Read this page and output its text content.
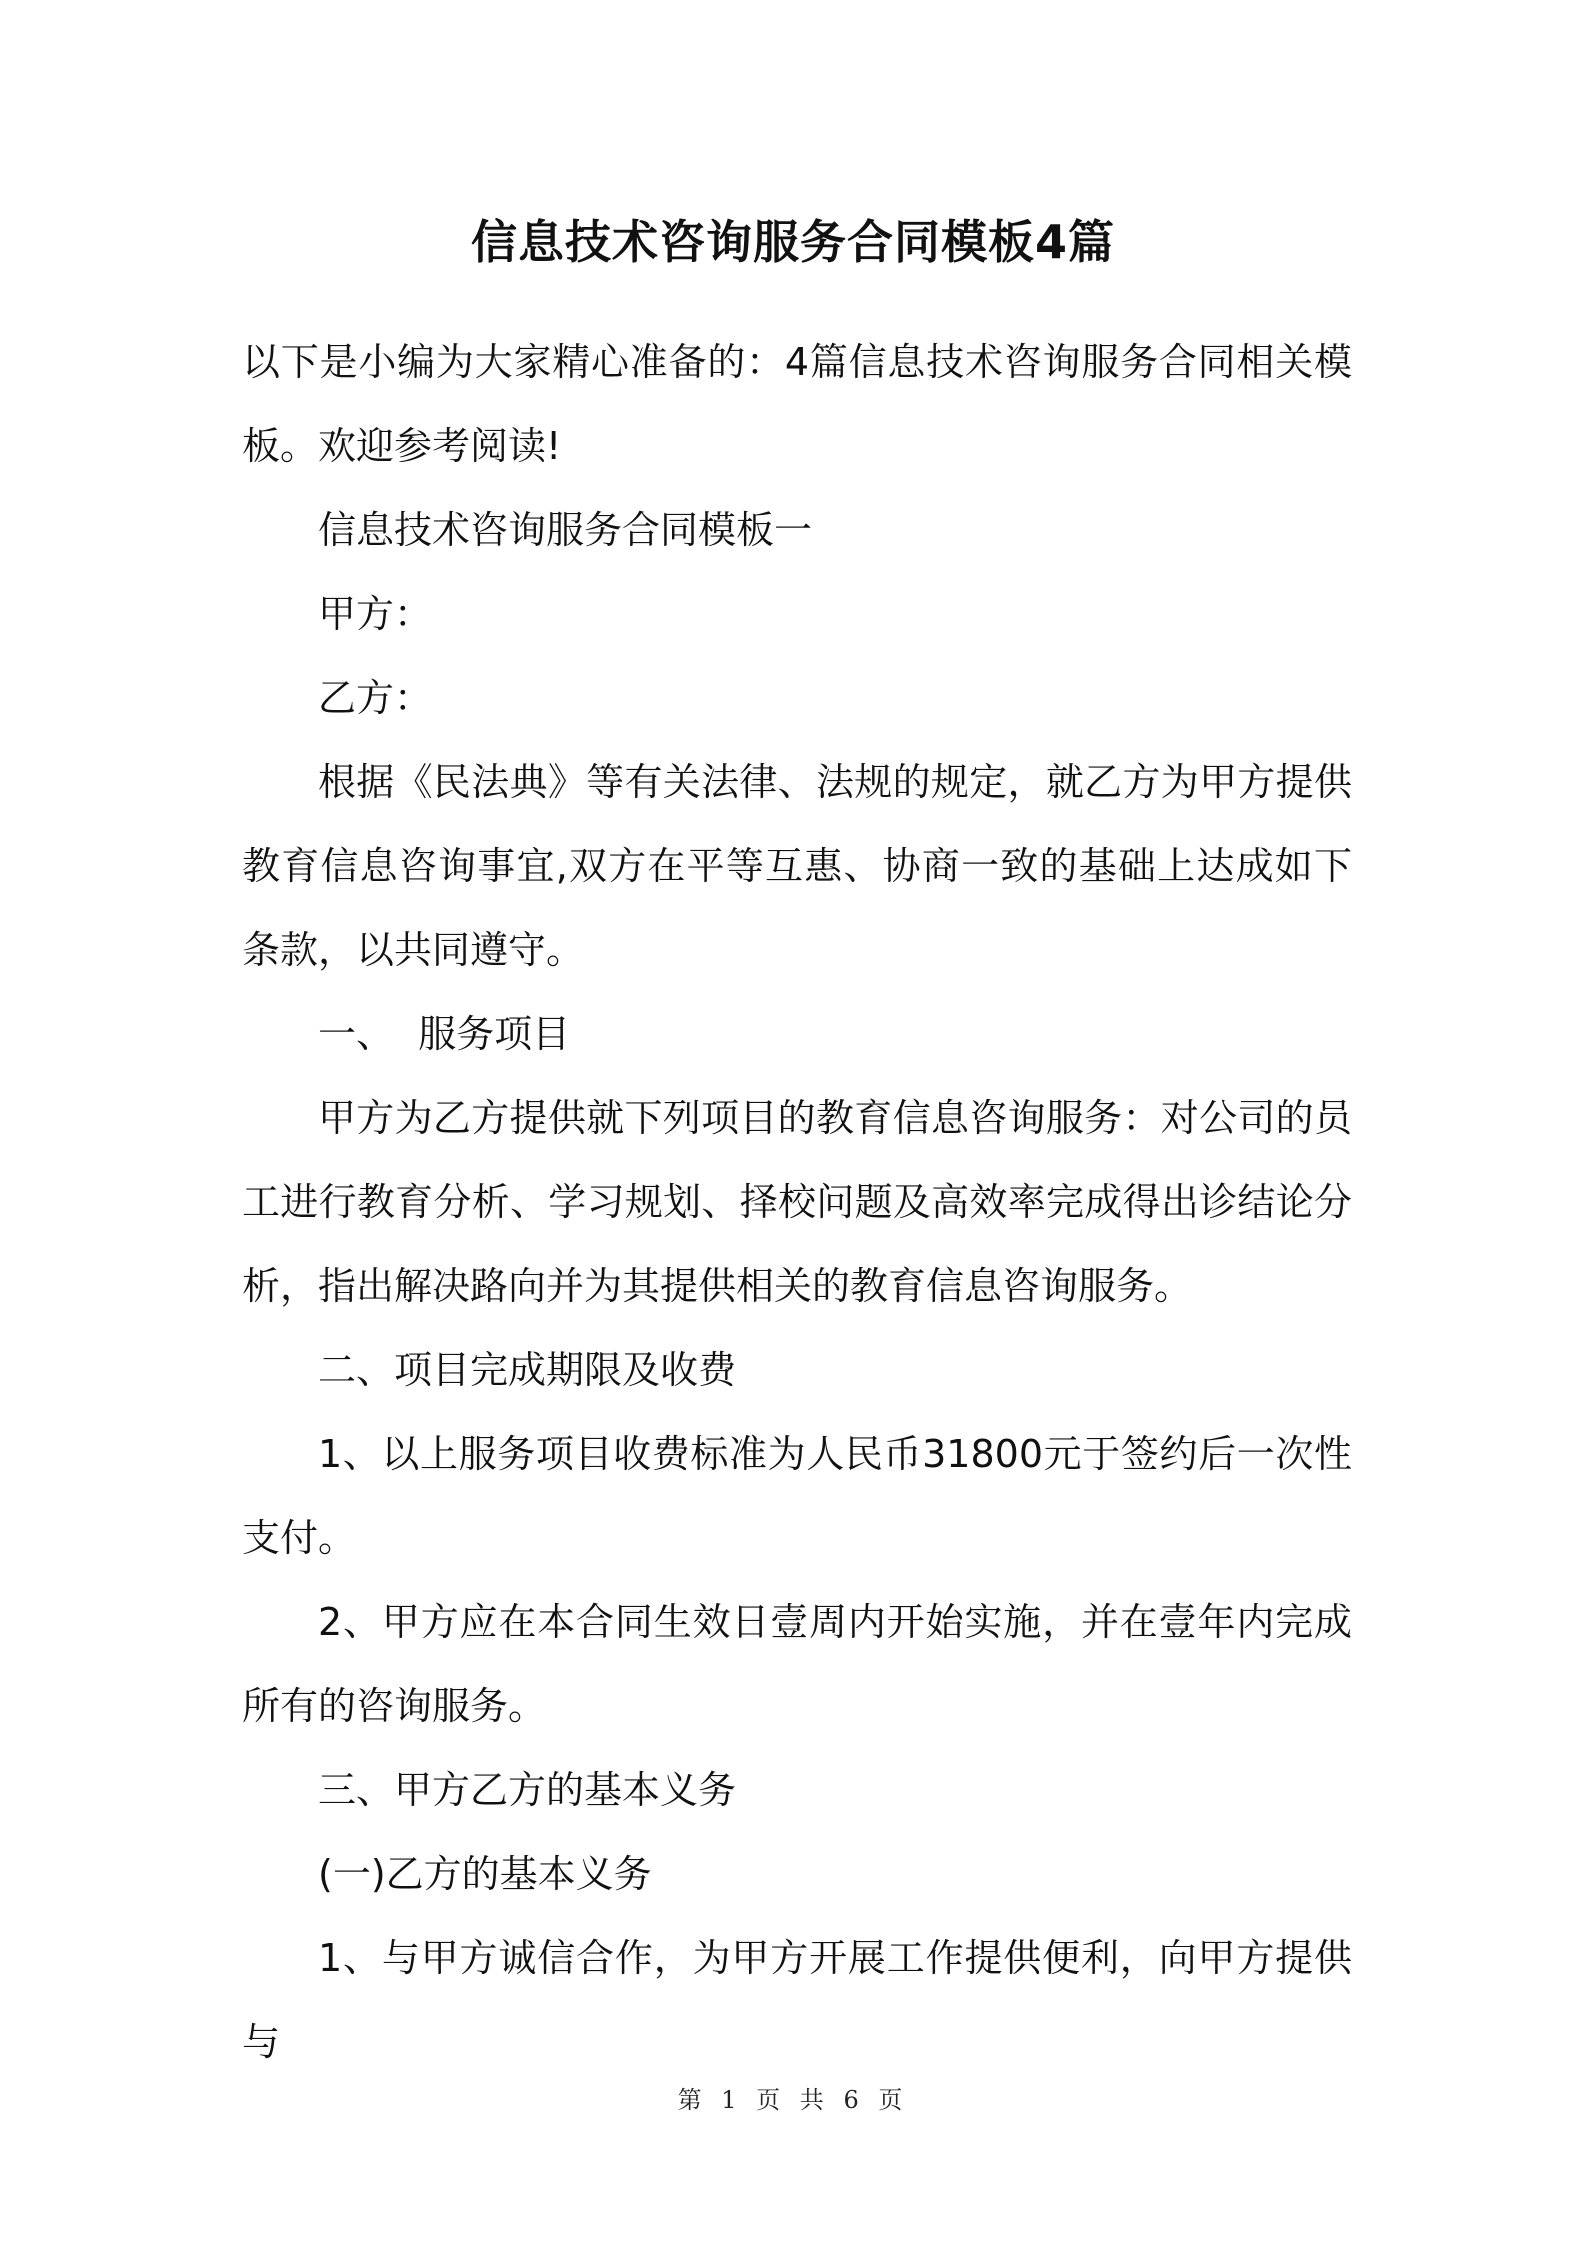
信息技术咨询服务合同模板4篇

以下是小编为大家精心准备的：4篇信息技术咨询服务合同相关模板。欢迎参考阅读!

信息技术咨询服务合同模板一

甲方：

乙方：

根据《民法典》等有关法律、法规的规定，就乙方为甲方提供教育信息咨询事宜,双方在平等互惠、协商一致的基础上达成如下条款，以共同遵守。

一、  服务项目

甲方为乙方提供就下列项目的教育信息咨询服务：对公司的员工进行教育分析、学习规划、择校问题及高效率完成得出诊结论分析，指出解决路向并为其提供相关的教育信息咨询服务。

二、项目完成期限及收费

1、以上服务项目收费标准为人民币31800元于签约后一次性支付。

2、甲方应在本合同生效日壹周内开始实施，并在壹年内完成所有的咨询服务。

三、甲方乙方的基本义务

(一)乙方的基本义务

1、与甲方诚信合作，为甲方开展工作提供便利，向甲方提供与

第 1 页 共 6 页
